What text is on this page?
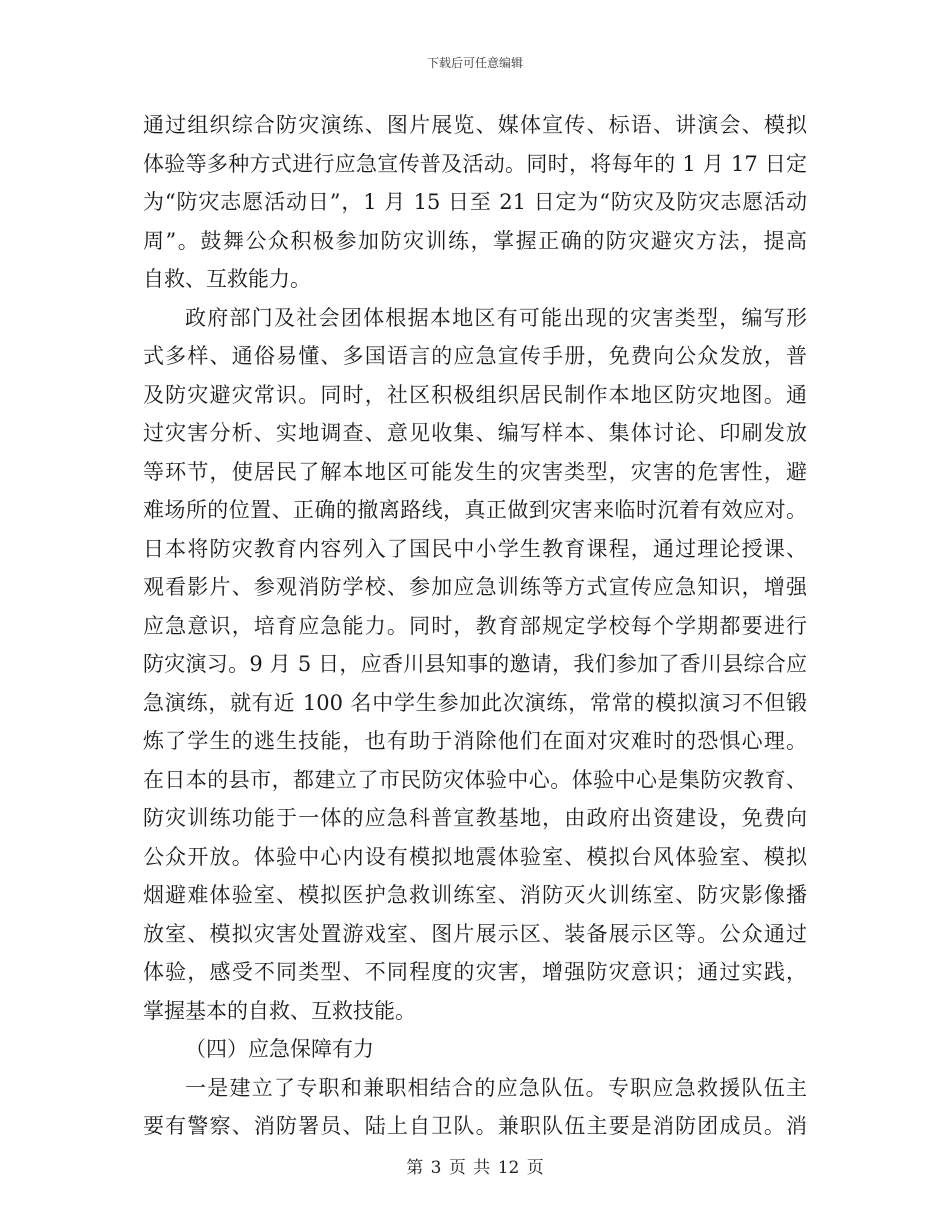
下载后可任意编辑
通过组织综合防灾演练、图片展览、媒体宣传、标语、讲演会、模拟
体验等多种方式进行应急宣传普及活动。同时，将每年的 1 月 17 日定
为“防灾志愿活动日”，1 月 15 日至 21 日定为“防灾及防灾志愿活动
周”。鼓舞公众积极参加防灾训练，掌握正确的防灾避灾方法，提高
自救、互救能力。
政府部门及社会团体根据本地区有可能出现的灾害类型，编写形
式多样、通俗易懂、多国语言的应急宣传手册，免费向公众发放，普
及防灾避灾常识。同时，社区积极组织居民制作本地区防灾地图。通
过灾害分析、实地调查、意见收集、编写样本、集体讨论、印刷发放
等环节，使居民了解本地区可能发生的灾害类型，灾害的危害性，避
难场所的位置、正确的撤离路线，真正做到灾害来临时沉着有效应对。
日本将防灾教育内容列入了国民中小学生教育课程，通过理论授课、
观看影片、参观消防学校、参加应急训练等方式宣传应急知识，增强
应急意识，培育应急能力。同时，教育部规定学校每个学期都要进行
防灾演习。9 月 5 日，应香川县知事的邀请，我们参加了香川县综合应
急演练，就有近 100 名中学生参加此次演练，常常的模拟演习不但锻
炼了学生的逃生技能，也有助于消除他们在面对灾难时的恐惧心理。
在日本的县市，都建立了市民防灾体验中心。体验中心是集防灾教育、
防灾训练功能于一体的应急科普宣教基地，由政府出资建设，免费向
公众开放。体验中心内设有模拟地震体验室、模拟台风体验室、模拟
烟避难体验室、模拟医护急救训练室、消防灭火训练室、防灾影像播
放室、模拟灾害处置游戏室、图片展示区、装备展示区等。公众通过
体验，感受不同类型、不同程度的灾害，增强防灾意识；通过实践，
掌握基本的自救、互救技能。
（四）应急保障有力
一是建立了专职和兼职相结合的应急队伍。专职应急救援队伍主
要有警察、消防署员、陆上自卫队。兼职队伍主要是消防团成员。消
第 3 页 共 12 页
